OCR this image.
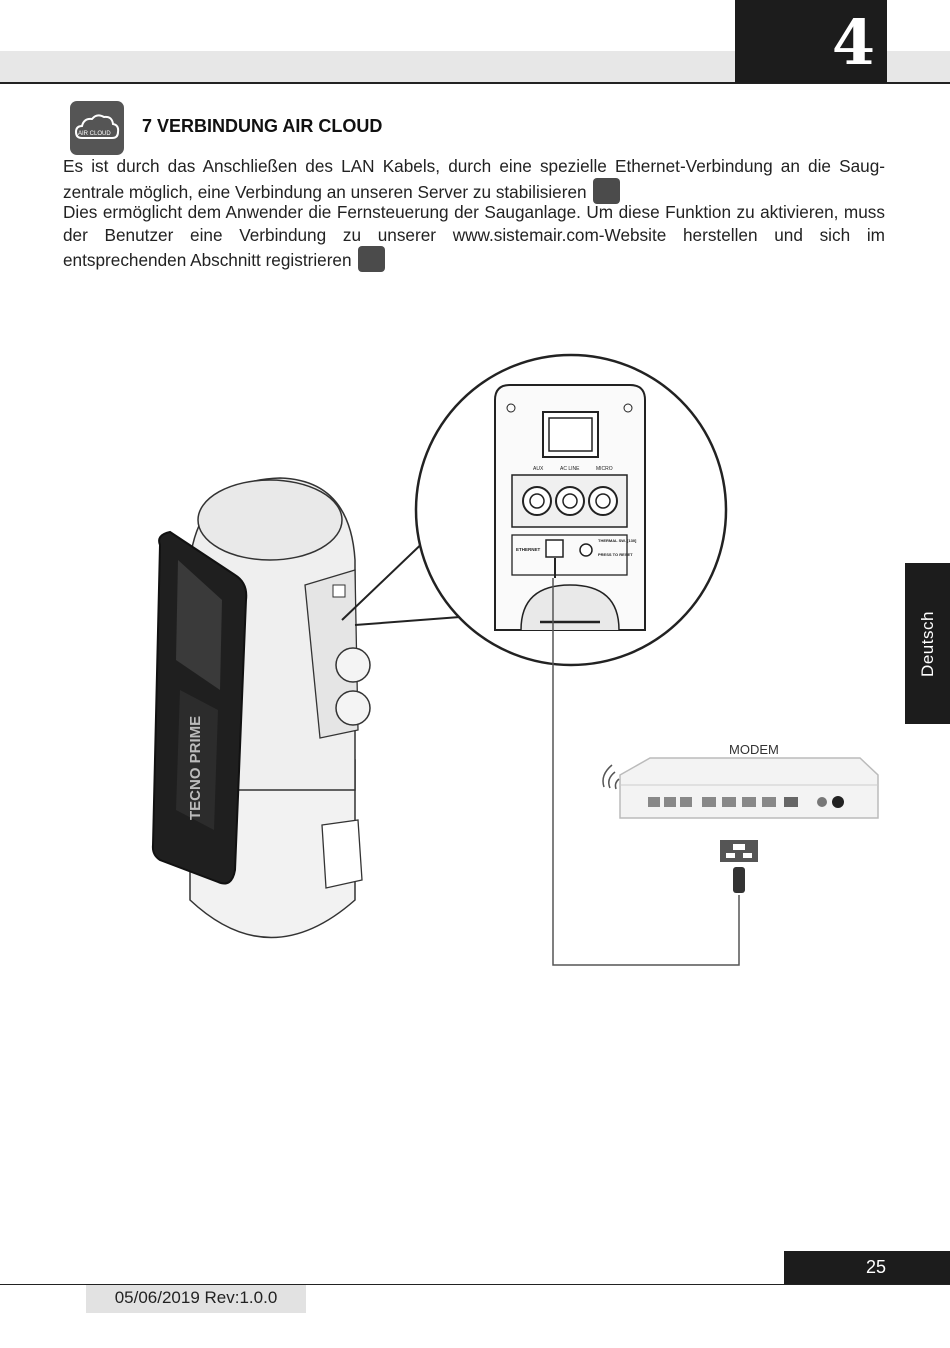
4
AIR CLOUD 7 VERBINDUNG AIR CLOUD
Es ist durch das Anschließen des LAN Kabels, durch eine spezielle Ethernet-Verbindung an die Saugzentrale möglich, eine Verbindung an unseren Server zu stabilisieren
Dies ermöglicht dem Anwender die Fernsteuerung der Sauganlage. Um diese Funktion zu aktivieren, muss der Benutzer eine Verbindung zu unserer www.sistemair.com-Website herstellen und sich im entsprechenden Abschnitt registrieren
TECNO PRIME
AUX	AC LINE	MICRO
ETHERNET
THERMAL SW. [130]
PRESS TO RESET
MODEM
Deutsch
25
05/06/2019 Rev:1.0.0
